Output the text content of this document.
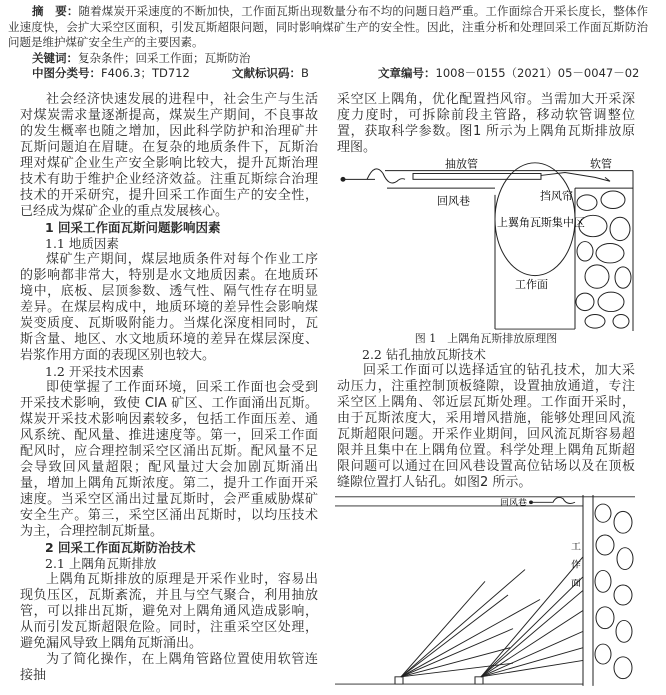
摘　要：随着煤炭开采速度的不断加快，工作面瓦斯出现数量分布不均的问题日趋严重。工作面综合开采长度长，整体作业速度快，会扩大采空区面积，引发瓦斯超限问题，同时影响煤矿生产的安全性。因此，注重分析和处理回采工作面瓦斯防治问题是维护煤矿安全生产的主要因素。

关键词：复杂条件；回采工作面；瓦斯防治

中图分类号：F406.3；TD712	文献标识码：B	文章编号：1008－0155（2021）05－0047－02

社会经济快速发展的进程中，社会生产与生活对煤炭需求量逐渐提高，煤炭生产期间，不良事故的发生概率也随之增加，因此科学防护和治理矿井瓦斯问题迫在眉睫。在复杂的地质条件下，瓦斯治理对煤矿企业生产安全影响比较大，提升瓦斯治理技术有助于维护企业经济效益。注重瓦斯综合治理技术的开采研究，提升回采工作面生产的安全性，已经成为煤矿企业的重点发展核心。

1 回采工作面瓦斯问题影响因素
1.1 地质因素

煤矿生产期间，煤层地质条件对每个作业工序的影响都非常大，特别是水文地质因素。在地质环境中，底板、层顶参数、透气性、隔气性存在明显差异。在煤层构成中，地质环境的差异性会影响煤炭变质度、瓦斯吸附能力。当煤化深度相同时，瓦斯含量、地区、水文地质环境的差异在煤层深度、岩浆作用方面的表现区别也较大。

1.2 开采技术因素

即使掌握了工作面环境，回采工作面也会受到开采技术影响，致使 CIA 矿区、工作面涌出瓦斯。煤炭开采技术影响因素较多，包括工作面压差、通风系统、配风量、推进速度等。第一，回采工作面配风时，应合理控制采空区涌出瓦斯。配风量不足会导致回风量超限；配风量过大会加剧瓦斯涌出量，增加上隅角瓦斯浓度。第二，提升工作面开采速度。当采空区涌出过量瓦斯时，会严重威胁煤矿安全生产。第三，采空区涌出瓦斯时，以均压技术为主，合理控制瓦斯量。

2 回采工作面瓦斯防治技术
2.1 上隅角瓦斯排放

上隅角瓦斯排放的原理是开采作业时，容易出现负压区，瓦斯紊流，并且与空气聚合，利用抽放管，可以排出瓦斯，避免对上隅角通风造成影响，从而引发瓦斯超限危险。同时，注重采空区处理，避免漏风导致上隅角瓦斯涌出。

为了简化操作，在上隅角管路位置使用软管连接抽

采空区上隅角，优化配置挡风帘。当需加大开采深度力度时，可拆除前段主管路，移动软管调整位置，获取科学参数。图1 所示为上隅角瓦斯排放原理图。

抽放管	软管
挡风帘
回风巷
上翼角瓦斯集中区
工作面
图 1　上隅角瓦斯排放原理图
2.2 钻孔抽放瓦斯技术

回采工作面可以选择适宜的钻孔技术，加大采动压力，注重控制顶板缝隙，设置抽放通道，专注采空区上隅角、邻近层瓦斯处理。工作面开采时，由于瓦斯浓度大，采用增风措施，能够处理回风流瓦斯超限问题。开采作业期间，回风流瓦斯容易超限并且集中在上隅角位置。科学处理上隅角瓦斯超限问题可以通过在回风巷设置高位钻场以及在顶板缝隙位置打人钻孔。如图2 所示。

回风巷
工
作
面
